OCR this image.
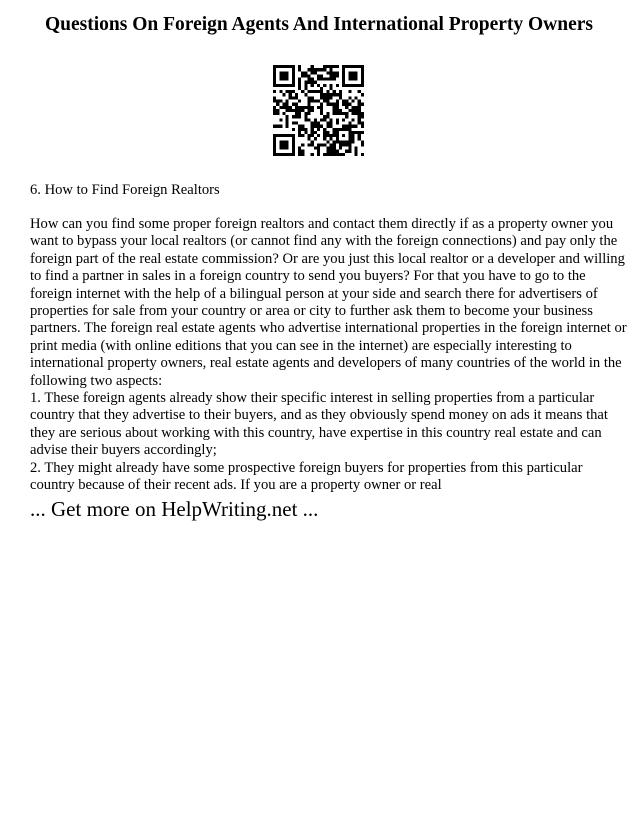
Questions On Foreign Agents And International Property Owners

6. How to Find Foreign Realtors

How can you find some proper foreign realtors and contact them directly if as a property owner you
want to bypass your local realtors (or cannot find any with the foreign connections) and pay only the
foreign part of the real estate commission? Or are you just this local realtor or a developer and willing
to find a partner in sales in a foreign country to send you buyers? For that you have to go to the
foreign internet with the help of a bilingual person at your side and search there for advertisers of
properties for sale from your country or area or city to further ask them to become your business
partners. The foreign real estate agents who advertise international properties in the foreign internet or
print media (with online editions that you can see in the internet) are especially interesting to
international property owners, real estate agents and developers of many countries of the world in the
following two aspects:
1. These foreign agents already show their specific interest in selling properties from a particular
country that they advertise to their buyers, and as they obviously spend money on ads it means that
they are serious about working with this country, have expertise in this country real estate and can
advise their buyers accordingly;
2. They might already have some prospective foreign buyers for properties from this particular
country because of their recent ads. If you are a property owner or real

... Get more on HelpWriting.net ...
